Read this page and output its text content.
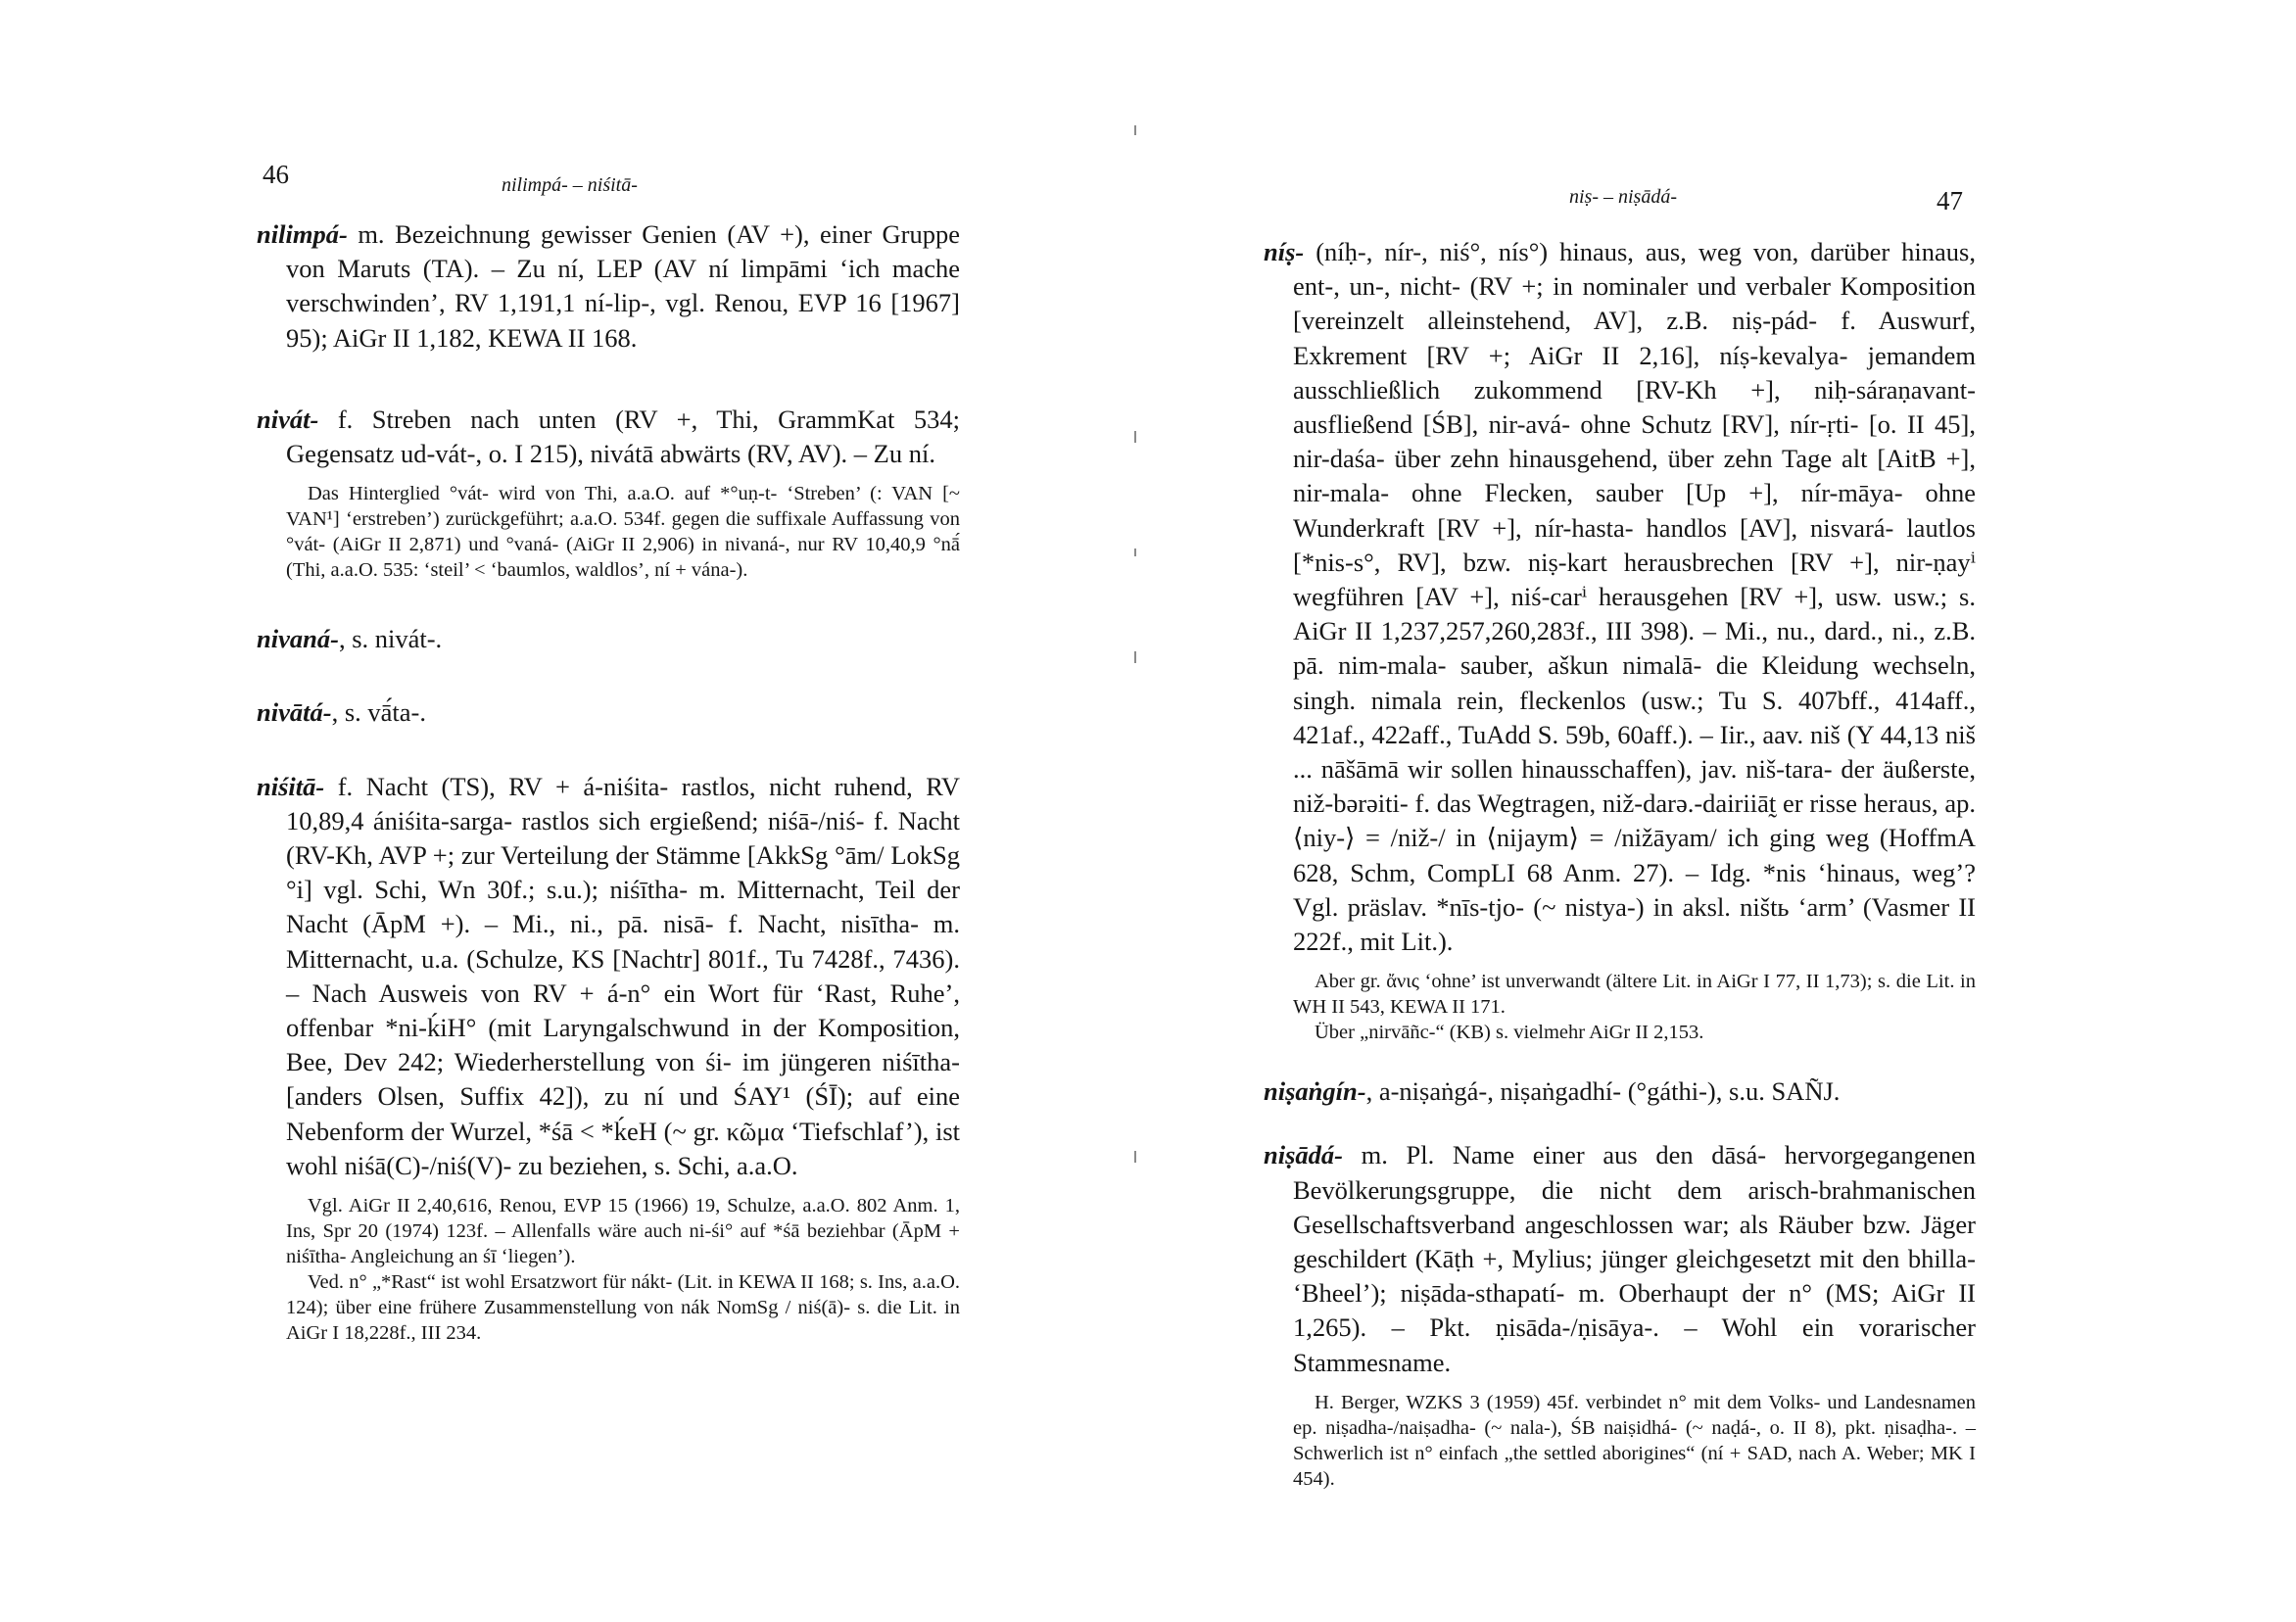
46	nilimpá- – niśitā-

nilimpá- m. Bezeichnung gewisser Genien (AV +), einer Gruppe von Maruts (TA). – Zu ní, LEP (AV ní limpāmi ‘ich mache verschwinden’, RV 1,191,1 ní-lip-, vgl. Renou, EVP 16 [1967] 95); AiGr II 1,182, KEWA II 168.

nivát- f. Streben nach unten (RV +, Thi, GrammKat 534; Gegensatz ud-vát-, o. I 215), nivátā abwärts (RV, AV). – Zu ní.

Das Hinterglied °vát- wird von Thi, a.a.O. auf *°uṇ-t- ‘Streben’ (: VAN [~ VAN¹] ‘erstreben’) zurückgeführt; a.a.O. 534f. gegen die suffixale Auffassung von °vát- (AiGr II 2,871) und °vaná- (AiGr II 2,906) in nivaná-, nur RV 10,40,9 °nā́ (Thi, a.a.O. 535: ‘steil’ < ‘baumlos, waldlos’, ní + vána-).

nivaná-, s. nivát-.

nivātá-, s. vā́ta-.

niśitā- f. Nacht (TS), RV + á-niśita- rastlos, nicht ruhend, RV 10,89,4 ániśita-sarga- rastlos sich ergießend; niśā-/niś- f. Nacht (RV-Kh, AVP +; zur Verteilung der Stämme [AkkSg °ām/ LokSg °i] vgl. Schi, Wn 30f.; s.u.); niśītha- m. Mitternacht, Teil der Nacht (ĀpM +). – Mi., ni., pā. nisā- f. Nacht, nisītha- m. Mitternacht, u.a. (Schulze, KS [Nachtr] 801f., Tu 7428f., 7436). – Nach Ausweis von RV + á-n° ein Wort für ‘Rast, Ruhe’, offenbar *ni-ḱiH° (mit Laryngalschwund in der Komposition, Bee, Dev 242; Wiederherstellung von śi- im jüngeren niśītha- [anders Olsen, Suffix 42]), zu ní und ŚAY¹ (ŚĪ); auf eine Nebenform der Wurzel, *śā < *ḱeH (~ gr. κῶμα ‘Tiefschlaf’), ist wohl niśā(C)-/niś(V)- zu beziehen, s. Schi, a.a.O.

Vgl. AiGr II 2,40,616, Renou, EVP 15 (1966) 19, Schulze, a.a.O. 802 Anm. 1, Ins, Spr 20 (1974) 123f. – Allenfalls wäre auch ni-śi° auf *śā beziehbar (ĀpM + niśītha- Angleichung an śī ‘liegen’).

Ved. n° „*Rast“ ist wohl Ersatzwort für nákt- (Lit. in KEWA II 168; s. Ins, a.a.O. 124); über eine frühere Zusammenstellung von nák NomSg / niś(ā)- s. die Lit. in AiGr I 18,228f., III 234.

niṣ- – niṣādá-	47

níṣ- (níḥ-, nír-, niś°, nís°) hinaus, aus, weg von, darüber hinaus, ent-, un-, nicht- (RV +; in nominaler und verbaler Komposition [vereinzelt alleinstehend, AV], z.B. niṣ-pád- f. Auswurf, Exkrement [RV +; AiGr II 2,16], níṣ-kevalya- jemandem ausschließlich zukommend [RV-Kh +], niḥ-sáraṇavant- ausfließend [ŚB], nir-avá- ohne Schutz [RV], nír-ṛti- [o. II 45], nir-daśa- über zehn hinausgehend, über zehn Tage alt [AitB +], nir-mala- ohne Flecken, sauber [Up +], nír-māya- ohne Wunderkraft [RV +], nír-hasta- handlos [AV], nisvará- lautlos [*nis-s°, RV], bzw. niṣ-kart herausbrechen [RV +], nir-ṇayⁱ wegführen [AV +], niś-carⁱ herausgehen [RV +], usw. usw.; s. AiGr II 1,237,257,260,283f., III 398). – Mi., nu., dard., ni., z.B. pā. nim-mala- sauber, aškun nimalā- die Kleidung wechseln, singh. nimala rein, fleckenlos (usw.; Tu S. 407bff., 414aff., 421af., 422aff., TuAdd S. 59b, 60aff.). – Iir., aav. niš (Y 44,13 niš ... nāšāmā wir sollen hinausschaffen), jav. niš-tara- der äußerste, niž-bərəiti- f. das Wegtragen, niž-darə.-dairiiāt̰ er risse heraus, ap. ⟨niy-⟩ = /niž-/ in ⟨nijaym⟩ = /nižāyam/ ich ging weg (HoffmA 628, Schm, CompLI 68 Anm. 27). – Idg. *nis ‘hinaus, weg’? Vgl. präslav. *nīs-tjo- (~ nistya-) in aksl. ništь ‘arm’ (Vasmer II 222f., mit Lit.).

Aber gr. ἄνις ‘ohne’ ist unverwandt (ältere Lit. in AiGr I 77, II 1,73); s. die Lit. in WH II 543, KEWA II 171.

Über „nirvāñc-“ (KB) s. vielmehr AiGr II 2,153.

niṣaṅgín-, a-niṣaṅgá-, niṣaṅgadhí- (°gáthi-), s.u. SAÑJ.

niṣādá- m. Pl. Name einer aus den dāsá- hervorgegangenen Bevölkerungsgruppe, die nicht dem arisch-brahmanischen Gesellschaftsverband angeschlossen war; als Räuber bzw. Jäger geschildert (Kāṭh +, Mylius; jünger gleichgesetzt mit den bhilla- ‘Bheel’); niṣāda-sthapatí- m. Oberhaupt der n° (MS; AiGr II 1,265). – Pkt. ṇisāda-/ṇisāya-. – Wohl ein vorarischer Stammesname.

H. Berger, WZKS 3 (1959) 45f. verbindet n° mit dem Volks- und Landesnamen ep. niṣadha-/naiṣadha- (~ nala-), ŚB naiṣidhá- (~ naḍá-, o. II 8), pkt. ṇisaḍha-. – Schwerlich ist n° einfach „the settled aborigines“ (ní + SAD, nach A. Weber; MK I 454).
